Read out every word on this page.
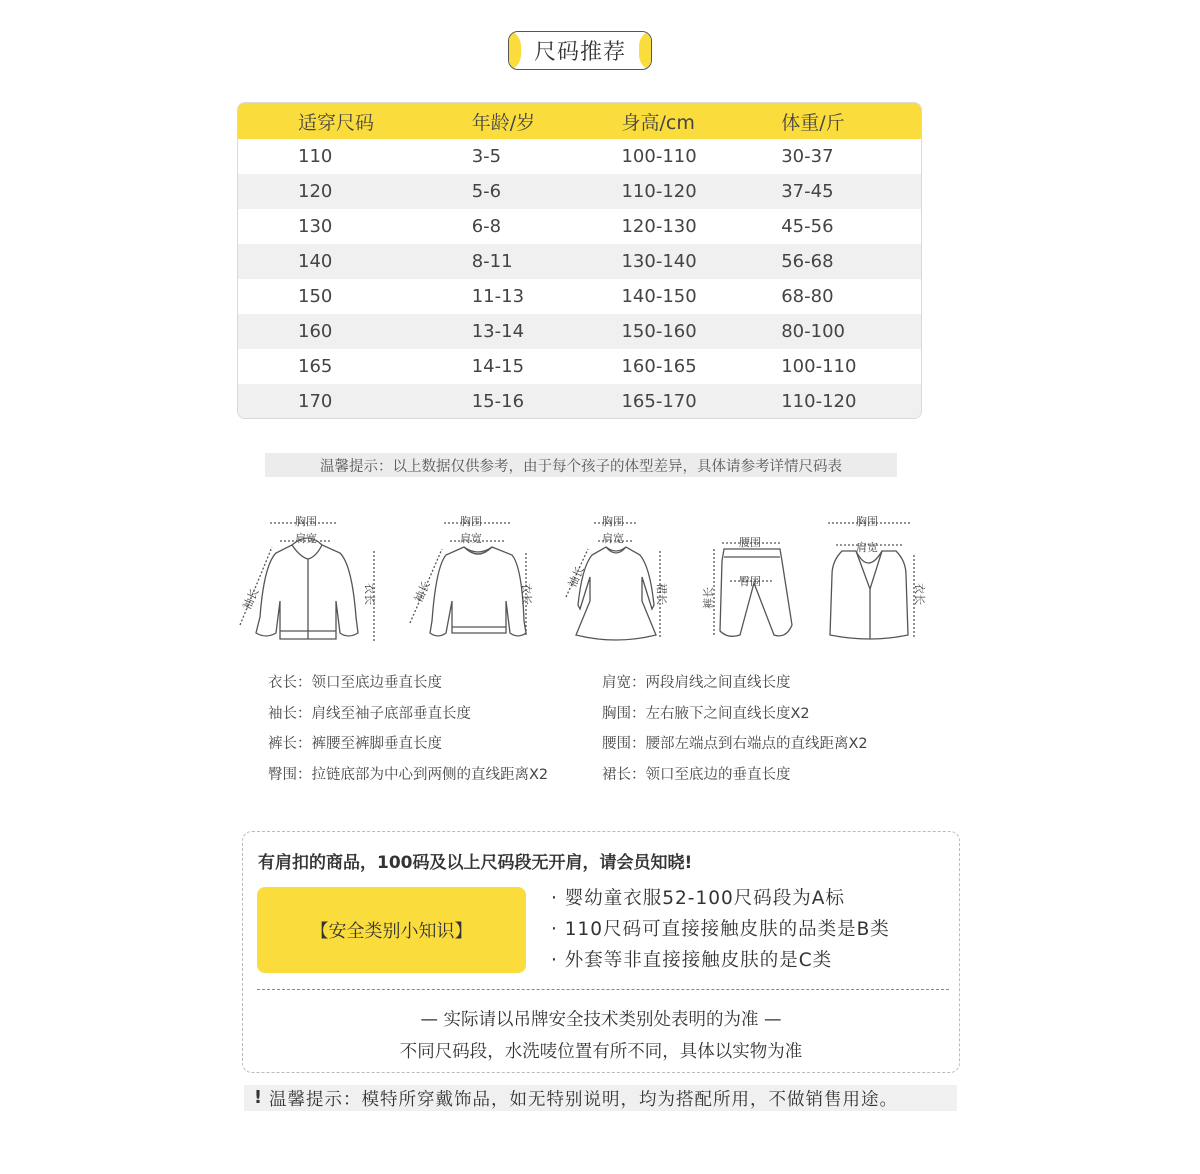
尺码推荐
适穿尺码	年龄/岁	身高/cm	体重/斤
110	3-5	100-110	30-37
120	5-6	110-120	37-45
130	6-8	120-130	45-56
140	8-11	130-140	56-68
150	11-13	140-150	68-80
160	13-14	150-160	80-100
165	14-15	160-165	100-110
170	15-16	165-170	110-120
温馨提示：以上数据仅供参考，由于每个孩子的体型差异，具体请参考详情尺码表
胸围
肩宽
袖长	衣长
胸围
肩宽
袖长	衣长
胸围
肩宽
袖长
裙长
腰围
臀围
裤长
胸围
肩宽
衣长
衣长：领口至底边垂直长度
袖长：肩线至袖子底部垂直长度
裤长：裤腰至裤脚垂直长度
臀围：拉链底部为中心到两侧的直线距离X2
肩宽：两段肩线之间直线长度
胸围：左右腋下之间直线长度X2
腰围：腰部左端点到右端点的直线距离X2
裙长：领口至底边的垂直长度
有肩扣的商品，100码及以上尺码段无开肩，请会员知晓!
【安全类别小知识】
· 婴幼童衣服52-100尺码段为A标
· 110尺码可直接接触皮肤的品类是B类
· 外套等非直接接触皮肤的是C类
— 实际请以吊牌安全技术类别处表明的为准 —
不同尺码段，水洗唛位置有所不同，具体以实物为准
! 温馨提示：模特所穿戴饰品，如无特别说明，均为搭配所用，不做销售用途。
